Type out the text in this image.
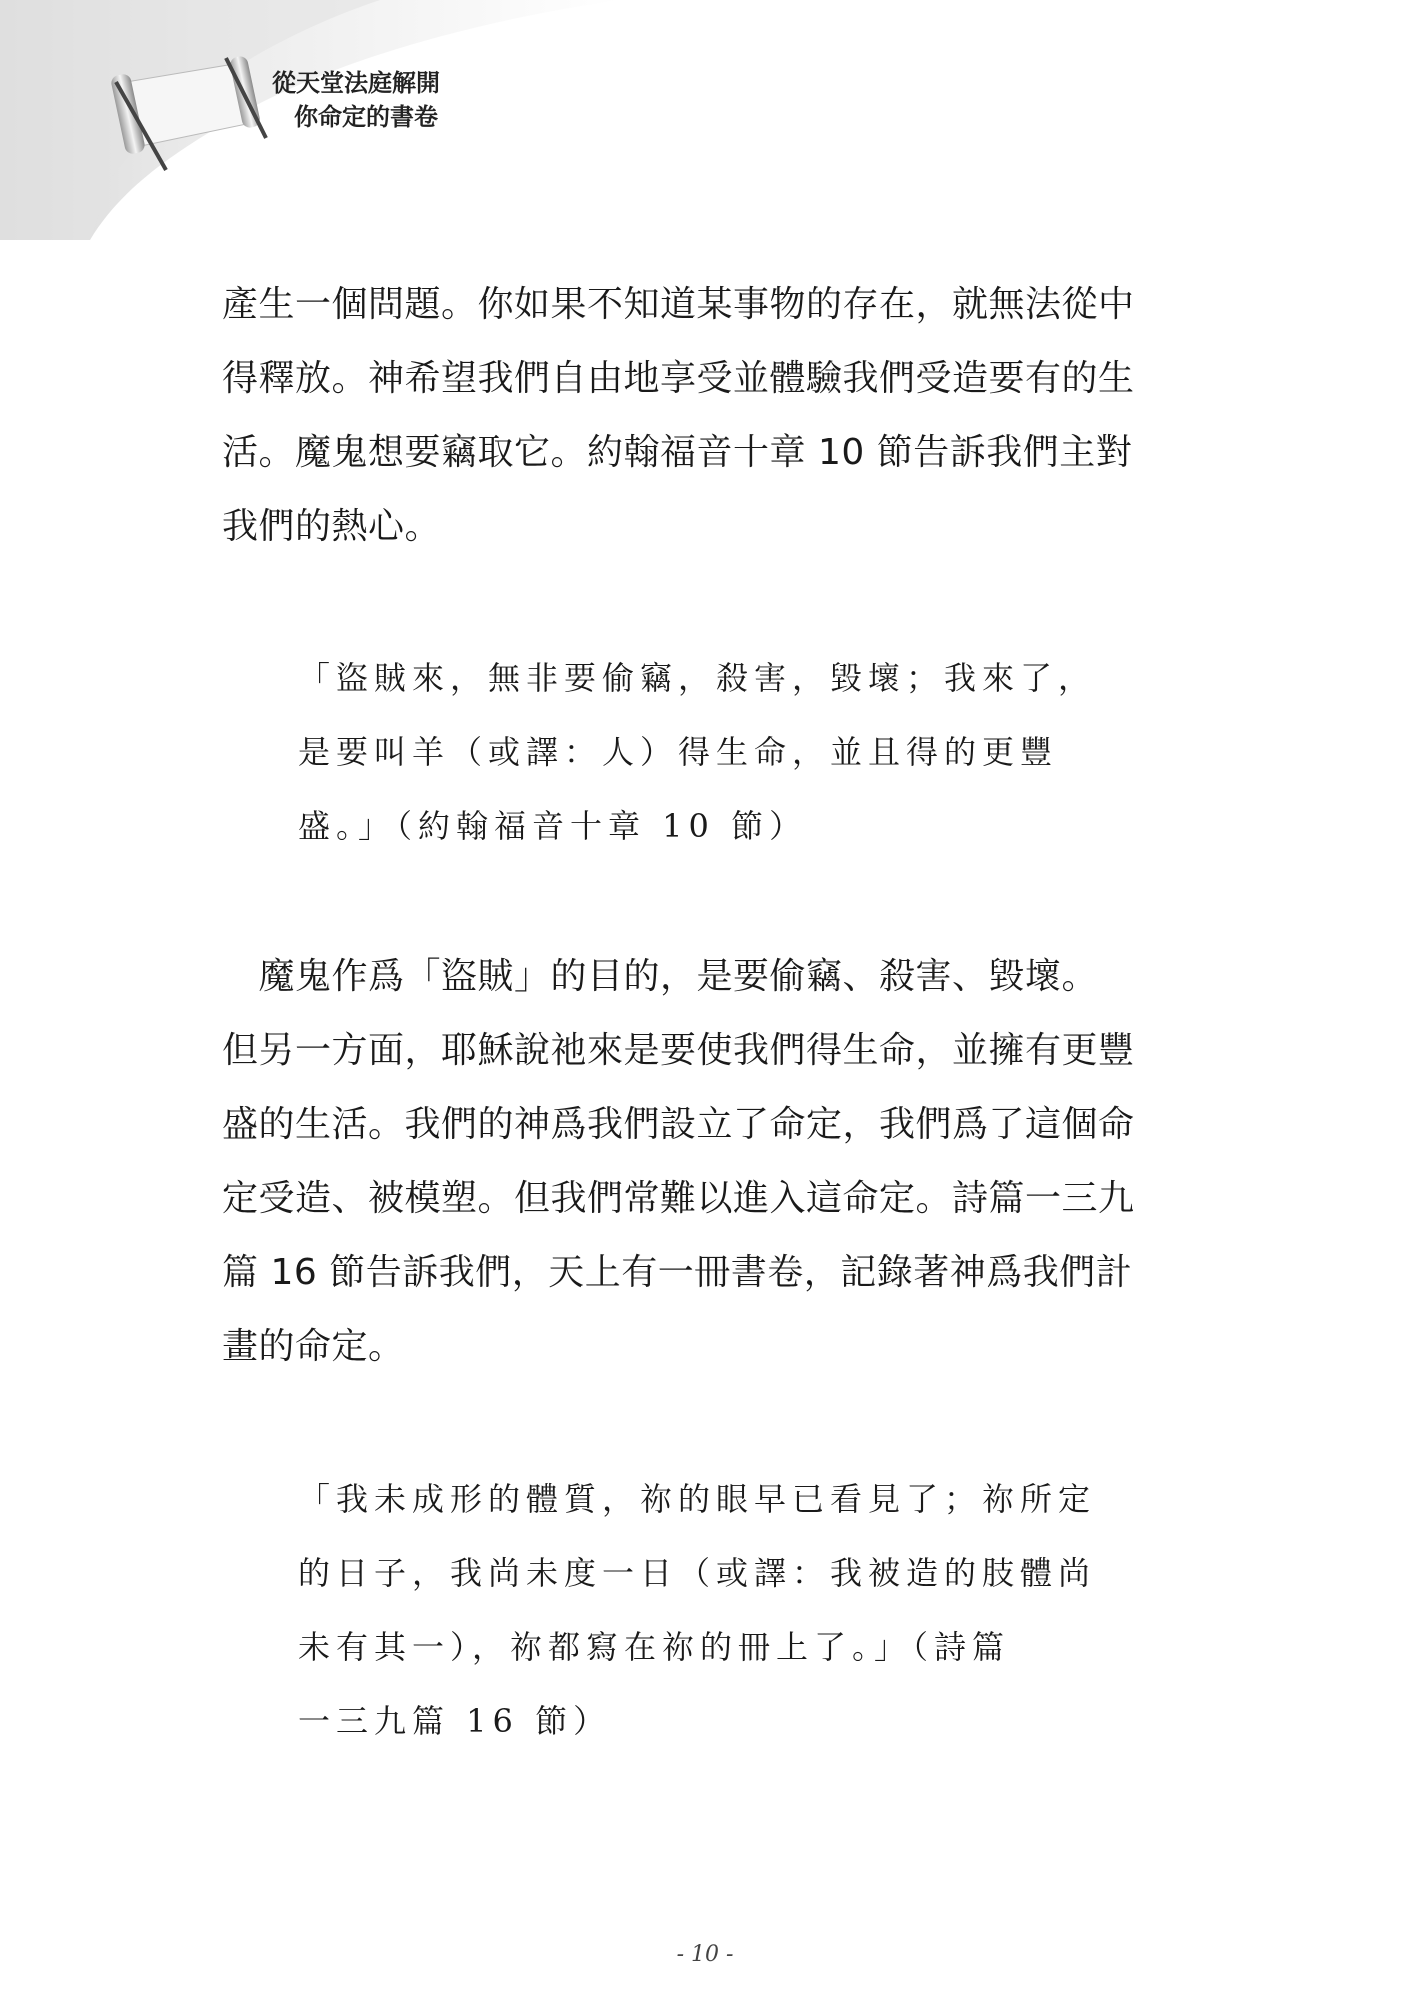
從天堂法庭解開
你命定的書卷
產生一個問題。你如果不知道某事物的存在，就無法從中
得釋放。神希望我們自由地享受並體驗我們受造要有的生
活。魔鬼想要竊取它。約翰福音十章 10 節告訴我們主對
我們的熱心。
「盜賊來，無非要偷竊，殺害，毀壞；我來了，
是要叫羊（或譯：人）得生命，並且得的更豐
盛。」（約翰福音十章 10 節）
　魔鬼作爲「盜賊」的目的，是要偷竊、殺害、毀壞。
但另一方面，耶穌說祂來是要使我們得生命，並擁有更豐
盛的生活。我們的神爲我們設立了命定，我們爲了這個命
定受造、被模塑。但我們常難以進入這命定。詩篇一三九
篇 16 節告訴我們，天上有一冊書卷，記錄著神爲我們計
畫的命定。
「我未成形的體質，祢的眼早已看見了；祢所定
的日子，我尚未度一日（或譯：我被造的肢體尚
未有其一），祢都寫在祢的冊上了。」（詩篇
一三九篇 16 節）
- 10 -
